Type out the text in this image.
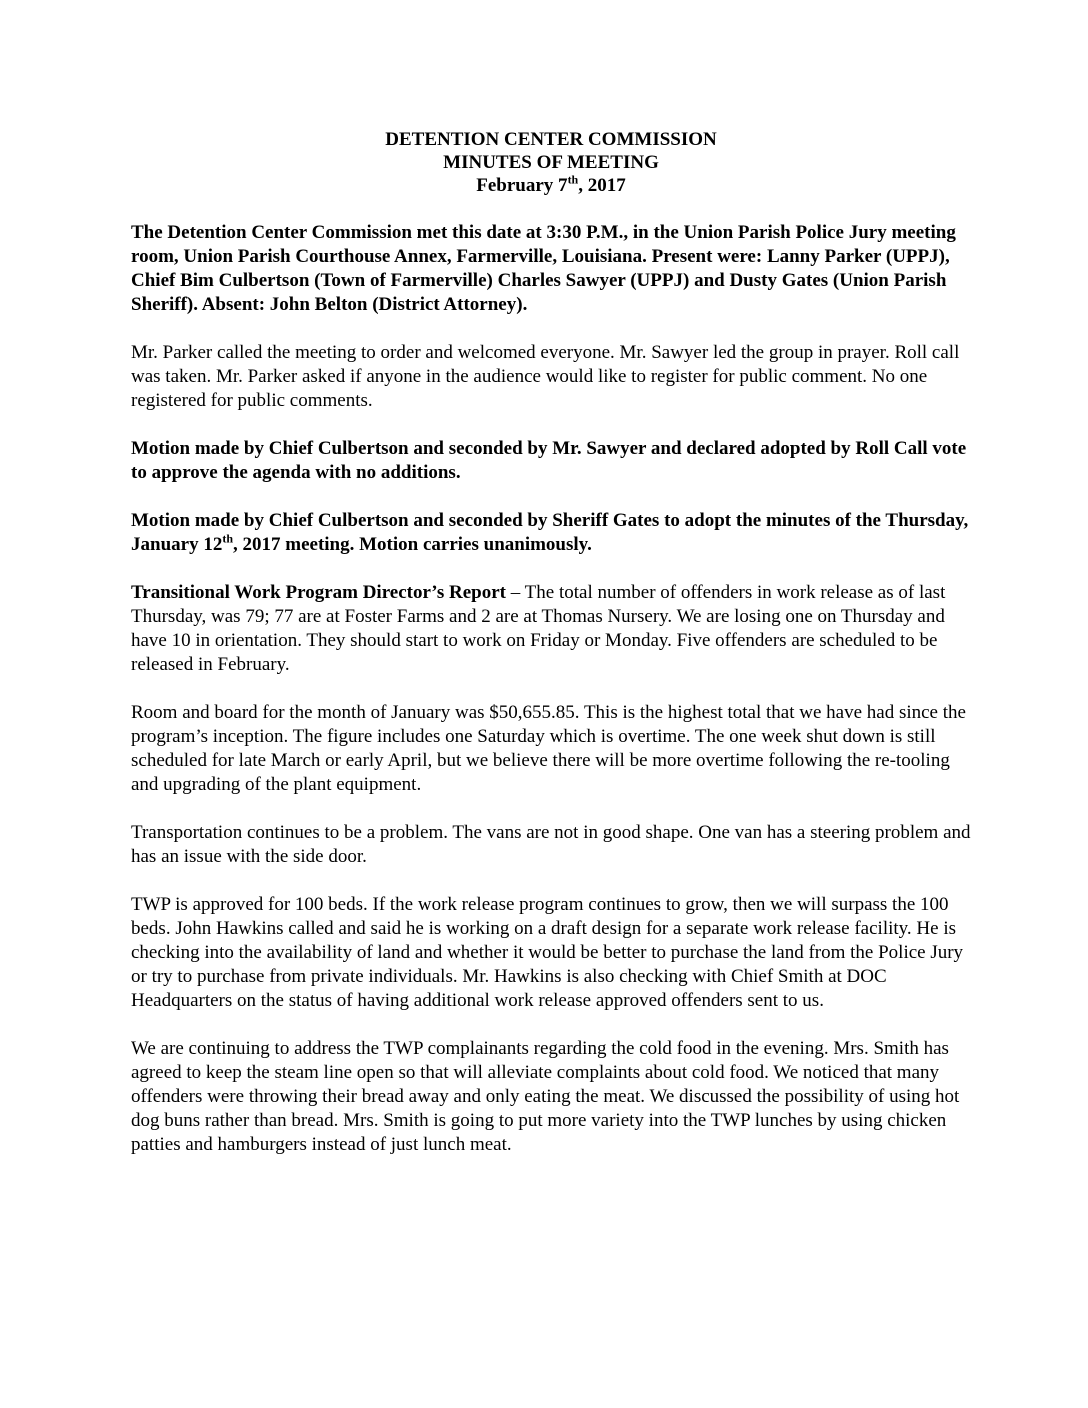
DETENTION CENTER COMMISSION
MINUTES OF MEETING
February 7th, 2017

The Detention Center Commission met this date at 3:30 P.M., in the Union Parish Police Jury meeting room, Union Parish Courthouse Annex, Farmerville, Louisiana. Present were: Lanny Parker (UPPJ), Chief Bim Culbertson (Town of Farmerville) Charles Sawyer (UPPJ) and Dusty Gates (Union Parish Sheriff). Absent: John Belton (District Attorney).

Mr. Parker called the meeting to order and welcomed everyone. Mr. Sawyer led the group in prayer. Roll call was taken. Mr. Parker asked if anyone in the audience would like to register for public comment. No one registered for public comments.

Motion made by Chief Culbertson and seconded by Mr. Sawyer and declared adopted by Roll Call vote to approve the agenda with no additions.

Motion made by Chief Culbertson and seconded by Sheriff Gates to adopt the minutes of the Thursday, January 12th, 2017 meeting. Motion carries unanimously.

Transitional Work Program Director’s Report – The total number of offenders in work release as of last Thursday, was 79; 77 are at Foster Farms and 2 are at Thomas Nursery. We are losing one on Thursday and have 10 in orientation. They should start to work on Friday or Monday. Five offenders are scheduled to be released in February.

Room and board for the month of January was $50,655.85. This is the highest total that we have had since the program’s inception. The figure includes one Saturday which is overtime. The one week shut down is still scheduled for late March or early April, but we believe there will be more overtime following the re-tooling and upgrading of the plant equipment.

Transportation continues to be a problem. The vans are not in good shape. One van has a steering problem and has an issue with the side door.

TWP is approved for 100 beds. If the work release program continues to grow, then we will surpass the 100 beds. John Hawkins called and said he is working on a draft design for a separate work release facility. He is checking into the availability of land and whether it would be better to purchase the land from the Police Jury or try to purchase from private individuals. Mr. Hawkins is also checking with Chief Smith at DOC Headquarters on the status of having additional work release approved offenders sent to us.

We are continuing to address the TWP complainants regarding the cold food in the evening. Mrs. Smith has agreed to keep the steam line open so that will alleviate complaints about cold food. We noticed that many offenders were throwing their bread away and only eating the meat. We discussed the possibility of using hot dog buns rather than bread. Mrs. Smith is going to put more variety into the TWP lunches by using chicken patties and hamburgers instead of just lunch meat.
